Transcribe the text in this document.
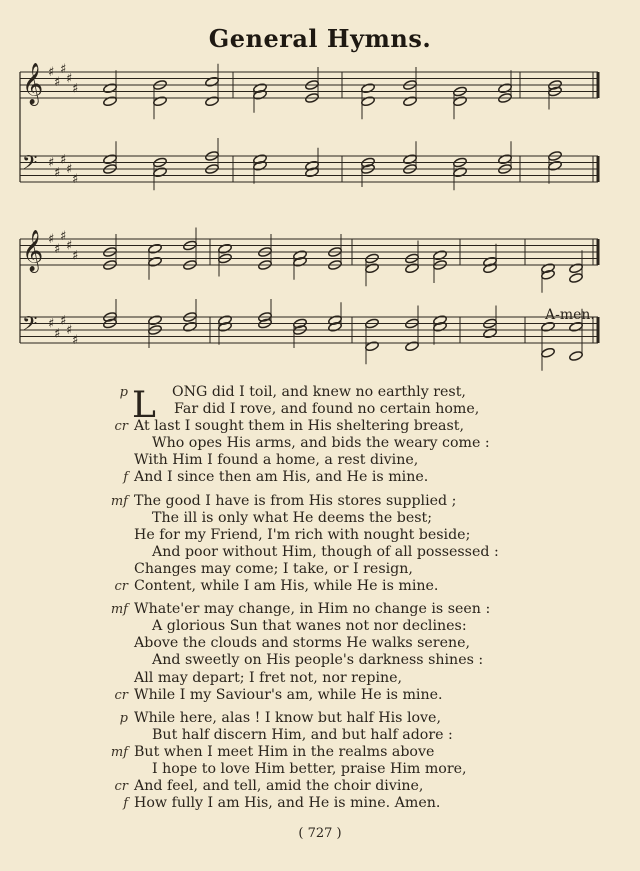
General Hymns.
𝄞 ♯
♯
♯
♯
♯
𝄢 ♯
♯
♯
♯
♯
𝄞 ♯
♯
♯
♯
♯
𝄢 ♯
♯
♯
♯
♯
A-men.
L
p	ONG did I toil, and knew no earthly rest,
Far did I rove, and found no certain home,
cr At last I sought them in His sheltering breast,
Who opes His arms, and bids the weary come :
With Him I found a home, a rest divine,
f And I since then am His, and He is mine.
mf The good I have is from His stores supplied ;
The ill is only what He deems the best;
He for my Friend, I'm rich with nought beside;
And poor without Him, though of all possessed :
Changes may come; I take, or I resign,
cr Content, while I am His, while He is mine.
mf Whate'er may change, in Him no change is seen :
A glorious Sun that wanes not nor declines:
Above the clouds and storms He walks serene,
And sweetly on His people's darkness shines :
All may depart; I fret not, nor repine,
cr While I my Saviour's am, while He is mine.
p While here, alas ! I know but half His love,
But half discern Him, and but half adore :
mf But when I meet Him in the realms above
I hope to love Him better, praise Him more,
cr And feel, and tell, amid the choir divine,
f How fully I am His, and He is mine. Amen.
( 727 )
